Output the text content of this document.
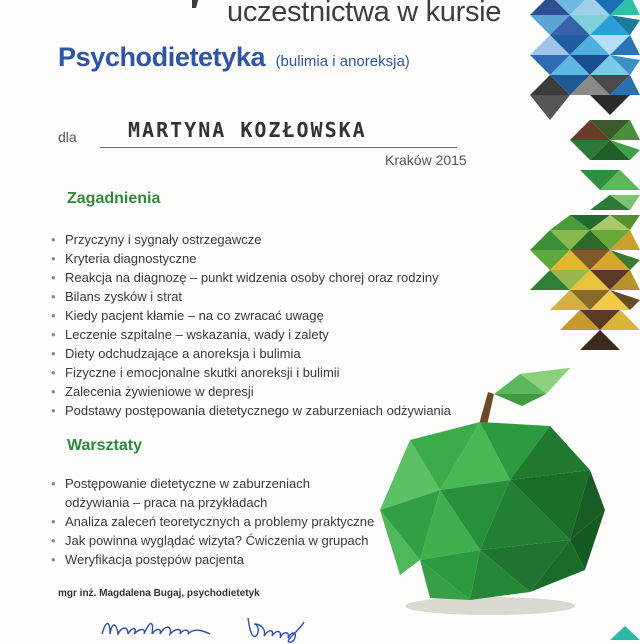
uczestnictwa w kursie
Psychodietetyka (bulimia i anoreksja)
dla	MARTYNA KOZŁOWSKA
Kraków 2015
Zagadnienia
• Przyczyny i sygnały ostrzegawcze
• Kryteria diagnostyczne
• Reakcja na diagnozę – punkt widzenia osoby chorej oraz rodziny
• Bilans zysków i strat
• Kiedy pacjent kłamie – na co zwracać uwagę
• Leczenie szpitalne – wskazania, wady i zalety
• Diety odchudzające a anoreksja i bulimia
• Fizyczne i emocjonalne skutki anoreksji i bulimii
• Zalecenia żywieniowe w depresji
• Podstawy postępowania dietetycznego w zaburzeniach odżywiania
Warsztaty
• Postępowanie dietetyczne w zaburzeniach
odżywiania – praca na przykładach
• Analiza zaleceń teoretycznych a problemy praktyczne
• Jak powinna wyglądać wizyta? Ćwiczenia w grupach
• Weryfikacja postępów pacjenta
mgr inż. Magdalena Bugaj, psychodietetyk
